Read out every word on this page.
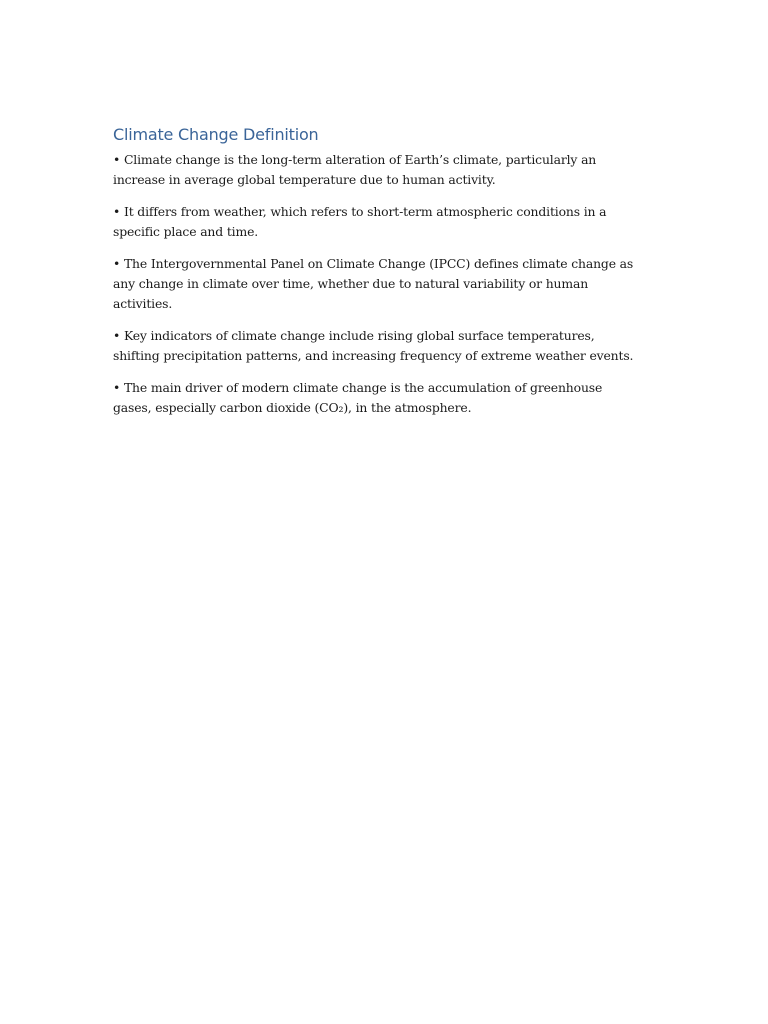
Climate Change Definition

• Climate change is the long-term alteration of Earth’s climate, particularly an increase in average global temperature due to human activity.

• It differs from weather, which refers to short-term atmospheric conditions in a specific place and time.

• The Intergovernmental Panel on Climate Change (IPCC) defines climate change as any change in climate over time, whether due to natural variability or human activities.

• Key indicators of climate change include rising global surface temperatures, shifting precipitation patterns, and increasing frequency of extreme weather events.

• The main driver of modern climate change is the accumulation of greenhouse gases, especially carbon dioxide (CO₂), in the atmosphere.
